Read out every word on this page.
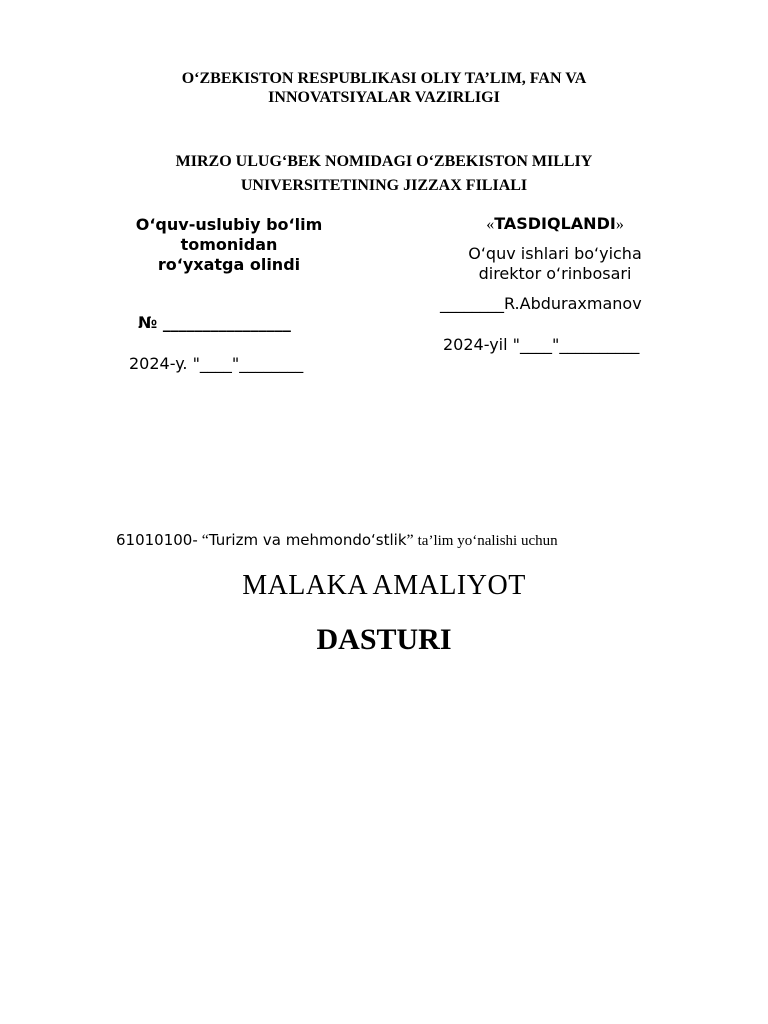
O‘ZBEKISTON RESPUBLIKASI OLIY TA’LIM, FAN VA
INNOVATSIYALAR VAZIRLIGI
MIRZO ULUG‘BEK NOMIDAGI O‘ZBEKISTON MILLIY
UNIVERSITETINING JIZZAX FILIALI
O‘quv-uslubiy bo‘lim
tomonidan
ro‘yxatga olindi
№ ________________
2024-y. "____"________
«TASDIQLANDI»
O‘quv ishlari bo‘yicha
direktor o‘rinbosari
________R.Abduraxmanov
2024-yil "____"__________
61010100- “Turizm va mehmondo‘stlik” ta’lim yo‘nalishi uchun
MALAKA AMALIYOT
DASTURI
